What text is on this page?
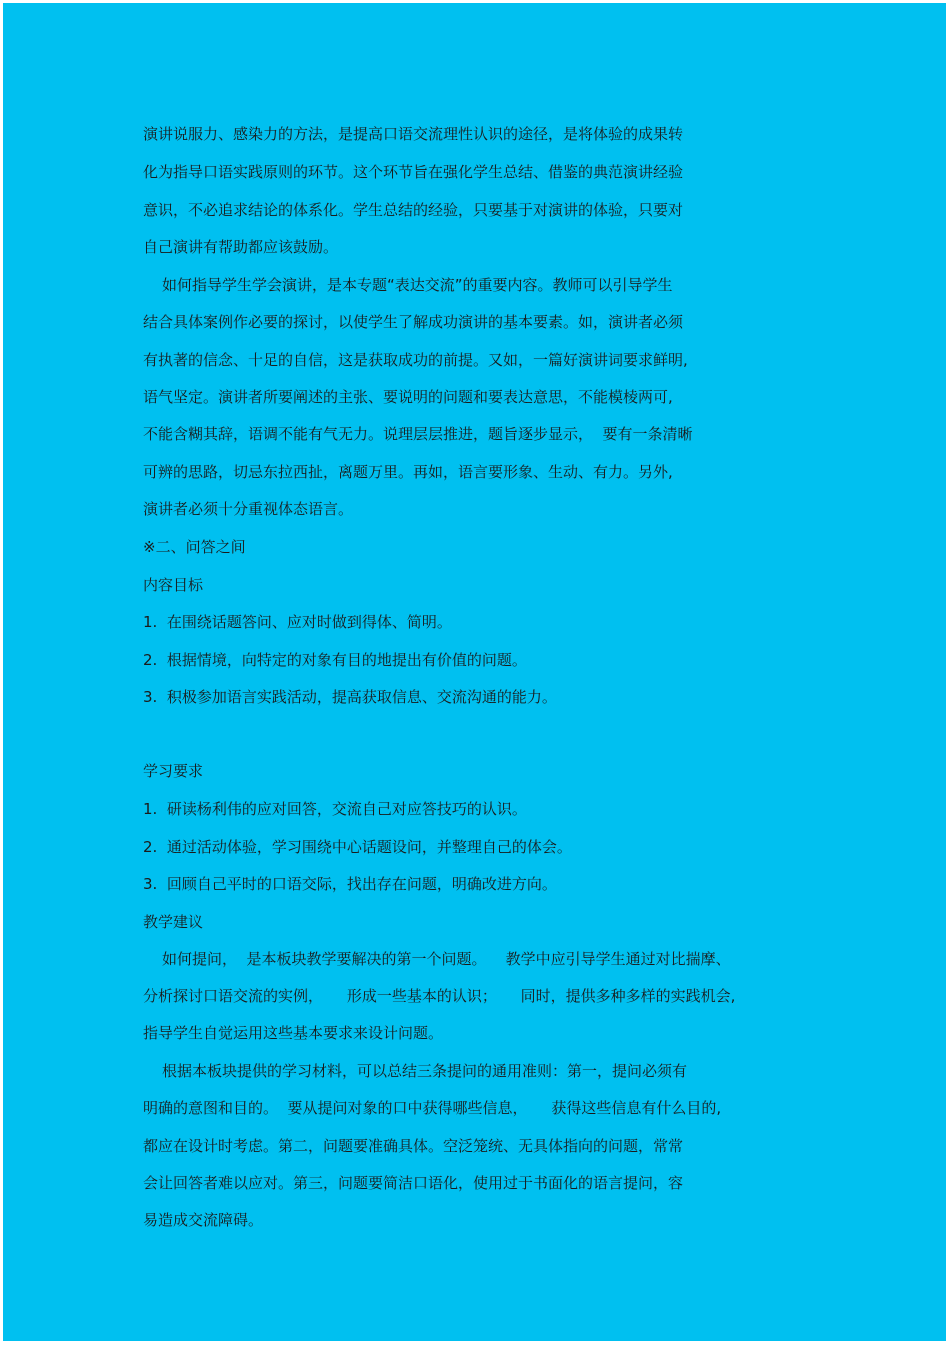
演讲说服力、感染力的方法，是提高口语交流理性认识的途径，是将体验的成果转
化为指导口语实践原则的环节。这个环节旨在强化学生总结、借鉴的典范演讲经验
意识，不必追求结论的体系化。学生总结的经验，只要基于对演讲的体验，只要对
自己演讲有帮助都应该鼓励。
如何指导学生学会演讲，是本专题“表达交流”的重要内容。教师可以引导学生
结合具体案例作必要的探讨，以使学生了解成功演讲的基本要素。如，演讲者必须
有执著的信念、十足的自信，这是获取成功的前提。又如，一篇好演讲词要求鲜明,
语气坚定。演讲者所要阐述的主张、要说明的问题和要表达意思，不能模棱两可,
不能含糊其辞，语调不能有气无力。说理层层推进，题旨逐步显示，  要有一条清晰
可辨的思路，切忌东拉西扯，离题万里。再如，语言要形象、生动、有力。另外,
演讲者必须十分重视体态语言。
※二、问答之间
内容目标
1.  在围绕话题答问、应对时做到得体、简明。
2.  根据情境，向特定的对象有目的地提出有价值的问题。
3.  积极参加语言实践活动，提高获取信息、交流沟通的能力。
学习要求
1.  研读杨利伟的应对回答，交流自己对应答技巧的认识。
2.  通过活动体验，学习围绕中心话题设问，并整理自己的体会。
3.  回顾自己平时的口语交际，找出存在问题，明确改进方向。
教学建议
如何提问，  是本板块教学要解决的第一个问题。    教学中应引导学生通过对比揣摩、
分析探讨口语交流的实例，     形成一些基本的认识；     同时，提供多种多样的实践机会,
指导学生自觉运用这些基本要求来设计问题。
根据本板块提供的学习材料，可以总结三条提问的通用准则：第一，提问必须有
明确的意图和目的。  要从提问对象的口中获得哪些信息，     获得这些信息有什么目的,
都应在设计时考虑。第二，问题要准确具体。空泛笼统、无具体指向的问题，常常
会让回答者难以应对。第三，问题要简洁口语化，使用过于书面化的语言提问，容
易造成交流障碍。
